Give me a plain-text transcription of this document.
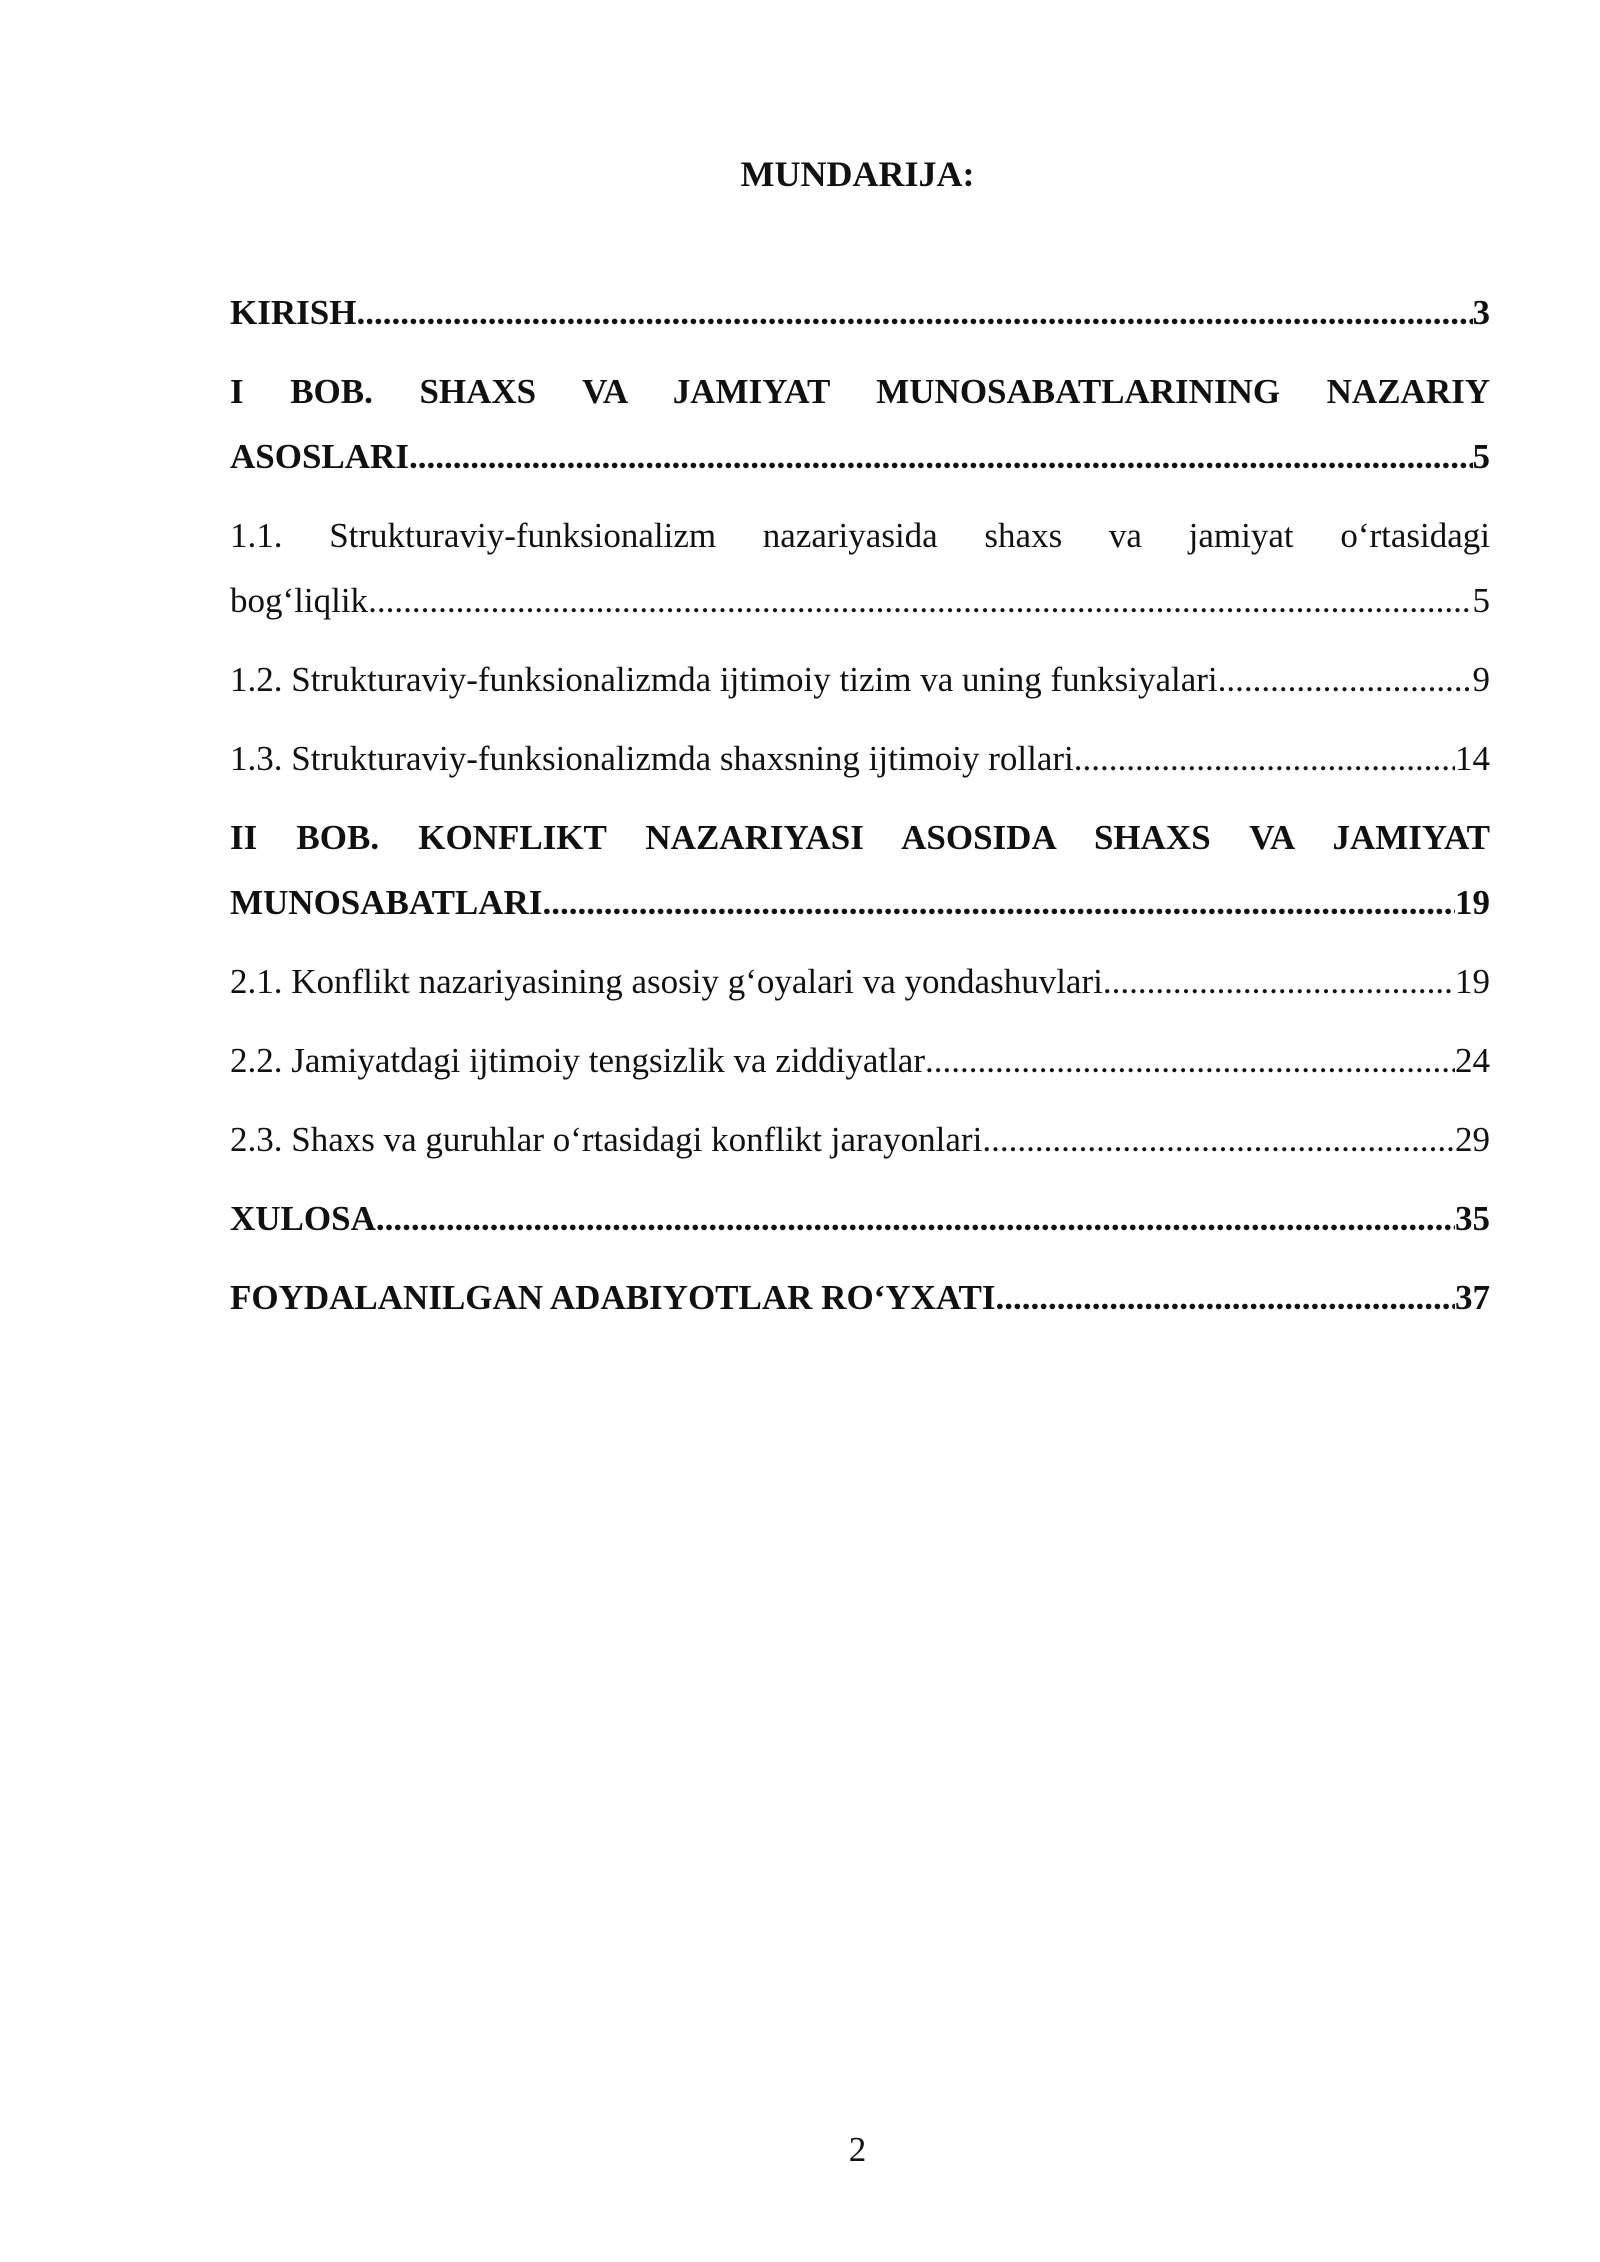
MUNDARIJA:
KIRISH .....	3
I BOB. SHAXS VA JAMIYAT MUNOSABATLARINING NAZARIY
ASOSLARI .....	5
1.1. Strukturaviy-funksionalizm nazariyasida shaxs va jamiyat o‘rtasidagi
bog‘liqlik .....	5
1.2. Strukturaviy-funksionalizmda ijtimoiy tizim va uning funksiyalari .....	9
1.3. Strukturaviy-funksionalizmda shaxsning ijtimoiy rollari .....	14
II BOB. KONFLIKT NAZARIYASI ASOSIDA SHAXS VA JAMIYAT
MUNOSABATLARI .....	19
2.1. Konflikt nazariyasining asosiy g‘oyalari va yondashuvlari .....	19
2.2. Jamiyatdagi ijtimoiy tengsizlik va ziddiyatlar .....	24
2.3. Shaxs va guruhlar o‘rtasidagi konflikt jarayonlari .....	29
XULOSA .....	35
FOYDALANILGAN ADABIYOTLAR RO‘YXATI .....	37
2
